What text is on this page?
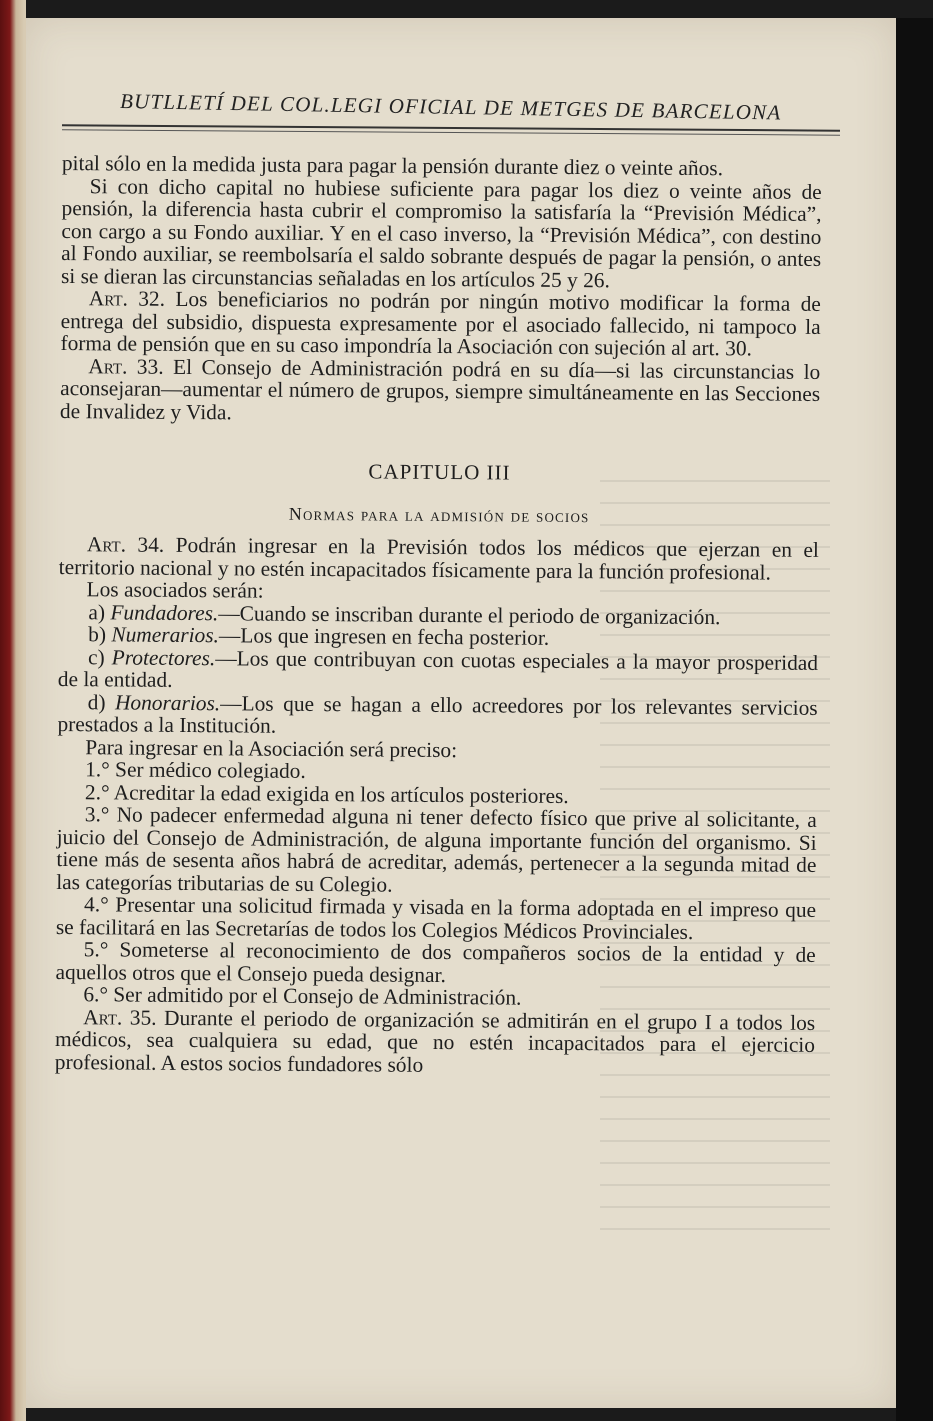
BUTLLETÍ DEL COL.LEGI OFICIAL DE METGES DE BARCELONA

pital sólo en la medida justa para pagar la pensión durante diez o veinte años.

Si con dicho capital no hubiese suficiente para pagar los diez o veinte años de pensión, la diferencia hasta cubrir el compromiso la satisfaría la “Previsión Médica”, con cargo a su Fondo auxiliar. Y en el caso inverso, la “Previsión Médica”, con destino al Fondo auxiliar, se reembolsaría el saldo sobrante después de pagar la pensión, o antes si se dieran las circunstancias señaladas en los artículos 25 y 26.

Art. 32. Los beneficiarios no podrán por ningún motivo modificar la forma de entrega del subsidio, dispuesta expresamente por el asociado fallecido, ni tampoco la forma de pensión que en su caso impondría la Asociación con sujeción al art. 30.

Art. 33. El Consejo de Administración podrá en su día—si las circunstancias lo aconsejaran—aumentar el número de grupos, siempre simultáneamente en las Secciones de Invalidez y Vida.

CAPITULO III
Normas para la admisión de socios

Art. 34. Podrán ingresar en la Previsión todos los médicos que ejerzan en el territorio nacional y no estén incapacitados físicamente para la función profesional.

Los asociados serán:

a) Fundadores.—Cuando se inscriban durante el periodo de organización.

b) Numerarios.—Los que ingresen en fecha posterior.

c) Protectores.—Los que contribuyan con cuotas especiales a la mayor prosperidad de la entidad.

d) Honorarios.—Los que se hagan a ello acreedores por los relevantes servicios prestados a la Institución.

Para ingresar en la Asociación será preciso:

1.° Ser médico colegiado.

2.° Acreditar la edad exigida en los artículos posteriores.

3.° No padecer enfermedad alguna ni tener defecto físico que prive al solicitante, a juicio del Consejo de Administración, de alguna importante función del organismo. Si tiene más de sesenta años habrá de acreditar, además, pertenecer a la segunda mitad de las categorías tributarias de su Colegio.

4.° Presentar una solicitud firmada y visada en la forma adoptada en el impreso que se facilitará en las Secretarías de todos los Colegios Médicos Provinciales.

5.° Someterse al reconocimiento de dos compañeros socios de la entidad y de aquellos otros que el Consejo pueda designar.

6.° Ser admitido por el Consejo de Administración.

Art. 35. Durante el periodo de organización se admitirán en el grupo I a todos los médicos, sea cualquiera su edad, que no estén incapacitados para el ejercicio profesional. A estos socios fundadores sólo
